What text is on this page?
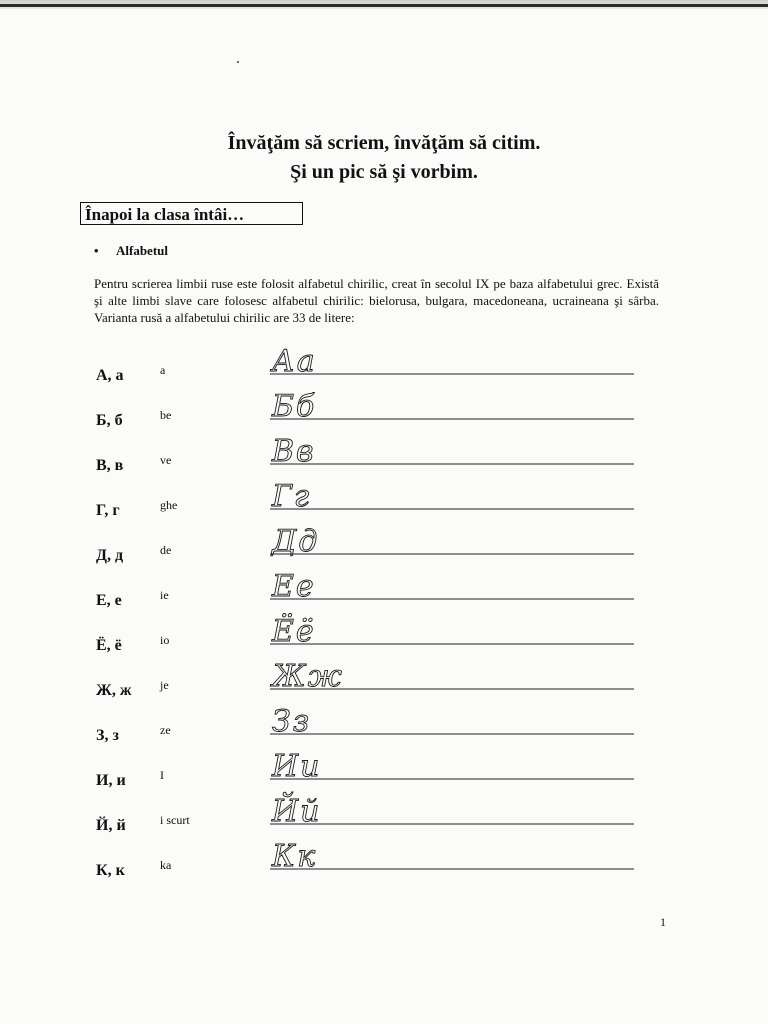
Învăţăm să scriem, învăţăm să citim.
Şi un pic să şi vorbim.
Înapoi la clasa întâi…
• Alfabetul
Pentru scrierea limbii ruse este folosit alfabetul chirilic, creat în secolul IX pe baza alfabetului grec. Există şi alte limbi slave care folosesc alfabetul chirilic: bielorusa, bulgara, macedoneana, ucraineana şi sârba. Varianta rusă a alfabetului chirilic are 33 de litere:
А, а	a	Аа
Б, б	be	Бб
В, в	ve	Вв
Г, г	ghe	Гг
Д, д	de	Дд
Е, е	ie	Ее
Ё, ё	io	Ёё
Ж, ж je	Жж
З, з	ze	Зз
И, и	I	Ии
Й, й	i scurt	Йй
К, к	ka	Кк
1
